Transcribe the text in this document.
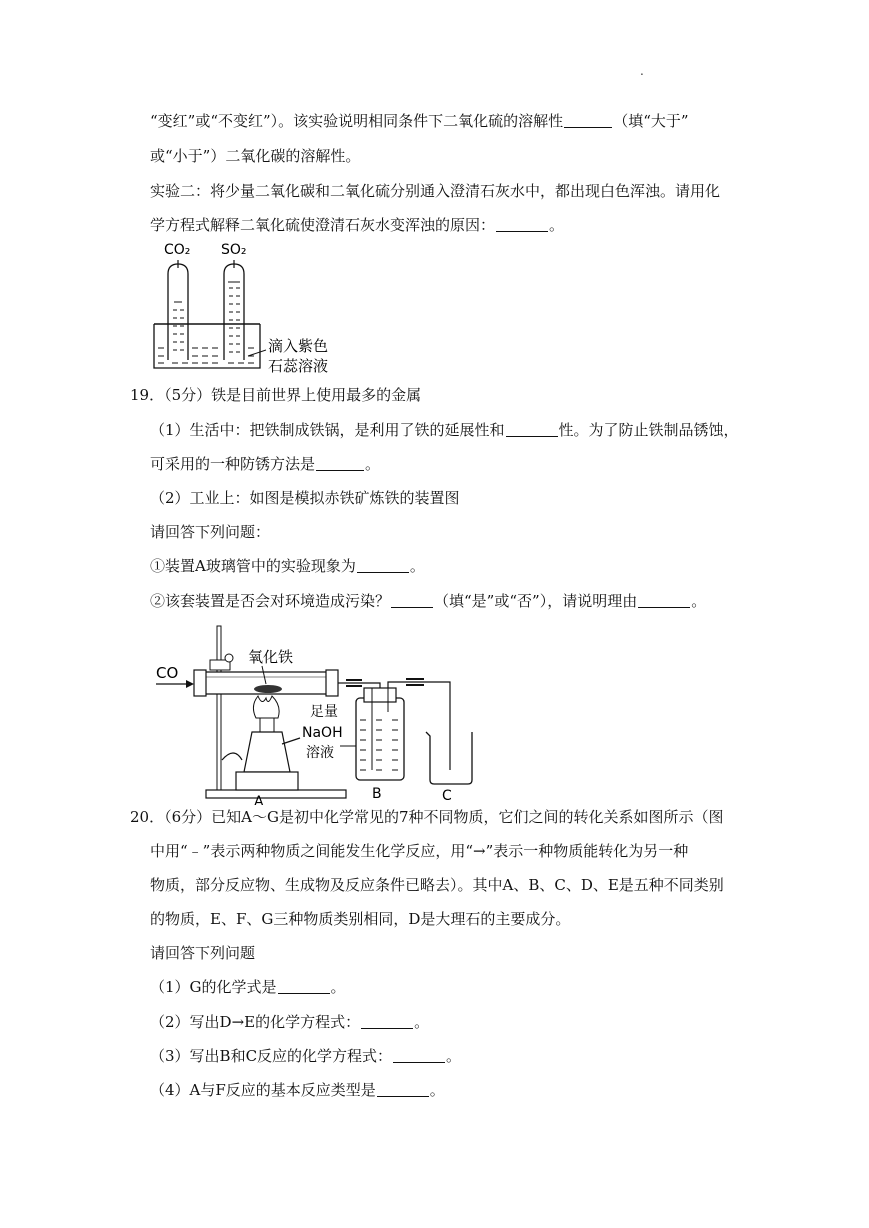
.
“变红”或“不变红”）。该实验说明相同条件下二氧化硫的溶解性	（填“大于”
或“小于”）二氧化碳的溶解性。
实验二：将少量二氧化碳和二氧化硫分别通入澄清石灰水中，都出现白色浑浊。请用化
学方程式解释二氧化硫使澄清石灰水变浑浊的原因：	。
CO₂ SO₂
滴入紫色
石蕊溶液
19．（5分）铁是目前世界上使用最多的金属
（1）生活中：把铁制成铁锅，是利用了铁的延展性和	性。为了防止铁制品锈蚀，
可采用的一种防锈方法是	。
（2）工业上：如图是模拟赤铁矿炼铁的装置图
请回答下列问题：
①装置A玻璃管中的实验现象为	。
②该套装置是否会对环境造成污染？	（填“是”或“否”），请说明理由	。
CO
氧化铁
A
足量
NaOH
溶液
B	C
20．（6分）已知A～G是初中化学常见的7种不同物质，它们之间的转化关系如图所示（图
中用“﹣”表示两种物质之间能发生化学反应，用“→”表示一种物质能转化为另一种
物质，部分反应物、生成物及反应条件已略去）。其中A、B、C、D、E是五种不同类别
的物质，E、F、G三种物质类别相同，D是大理石的主要成分。
请回答下列问题
（1）G的化学式是	。
（2）写出D→E的化学方程式：	。
（3）写出B和C反应的化学方程式：	。
（4）A与F反应的基本反应类型是	。
